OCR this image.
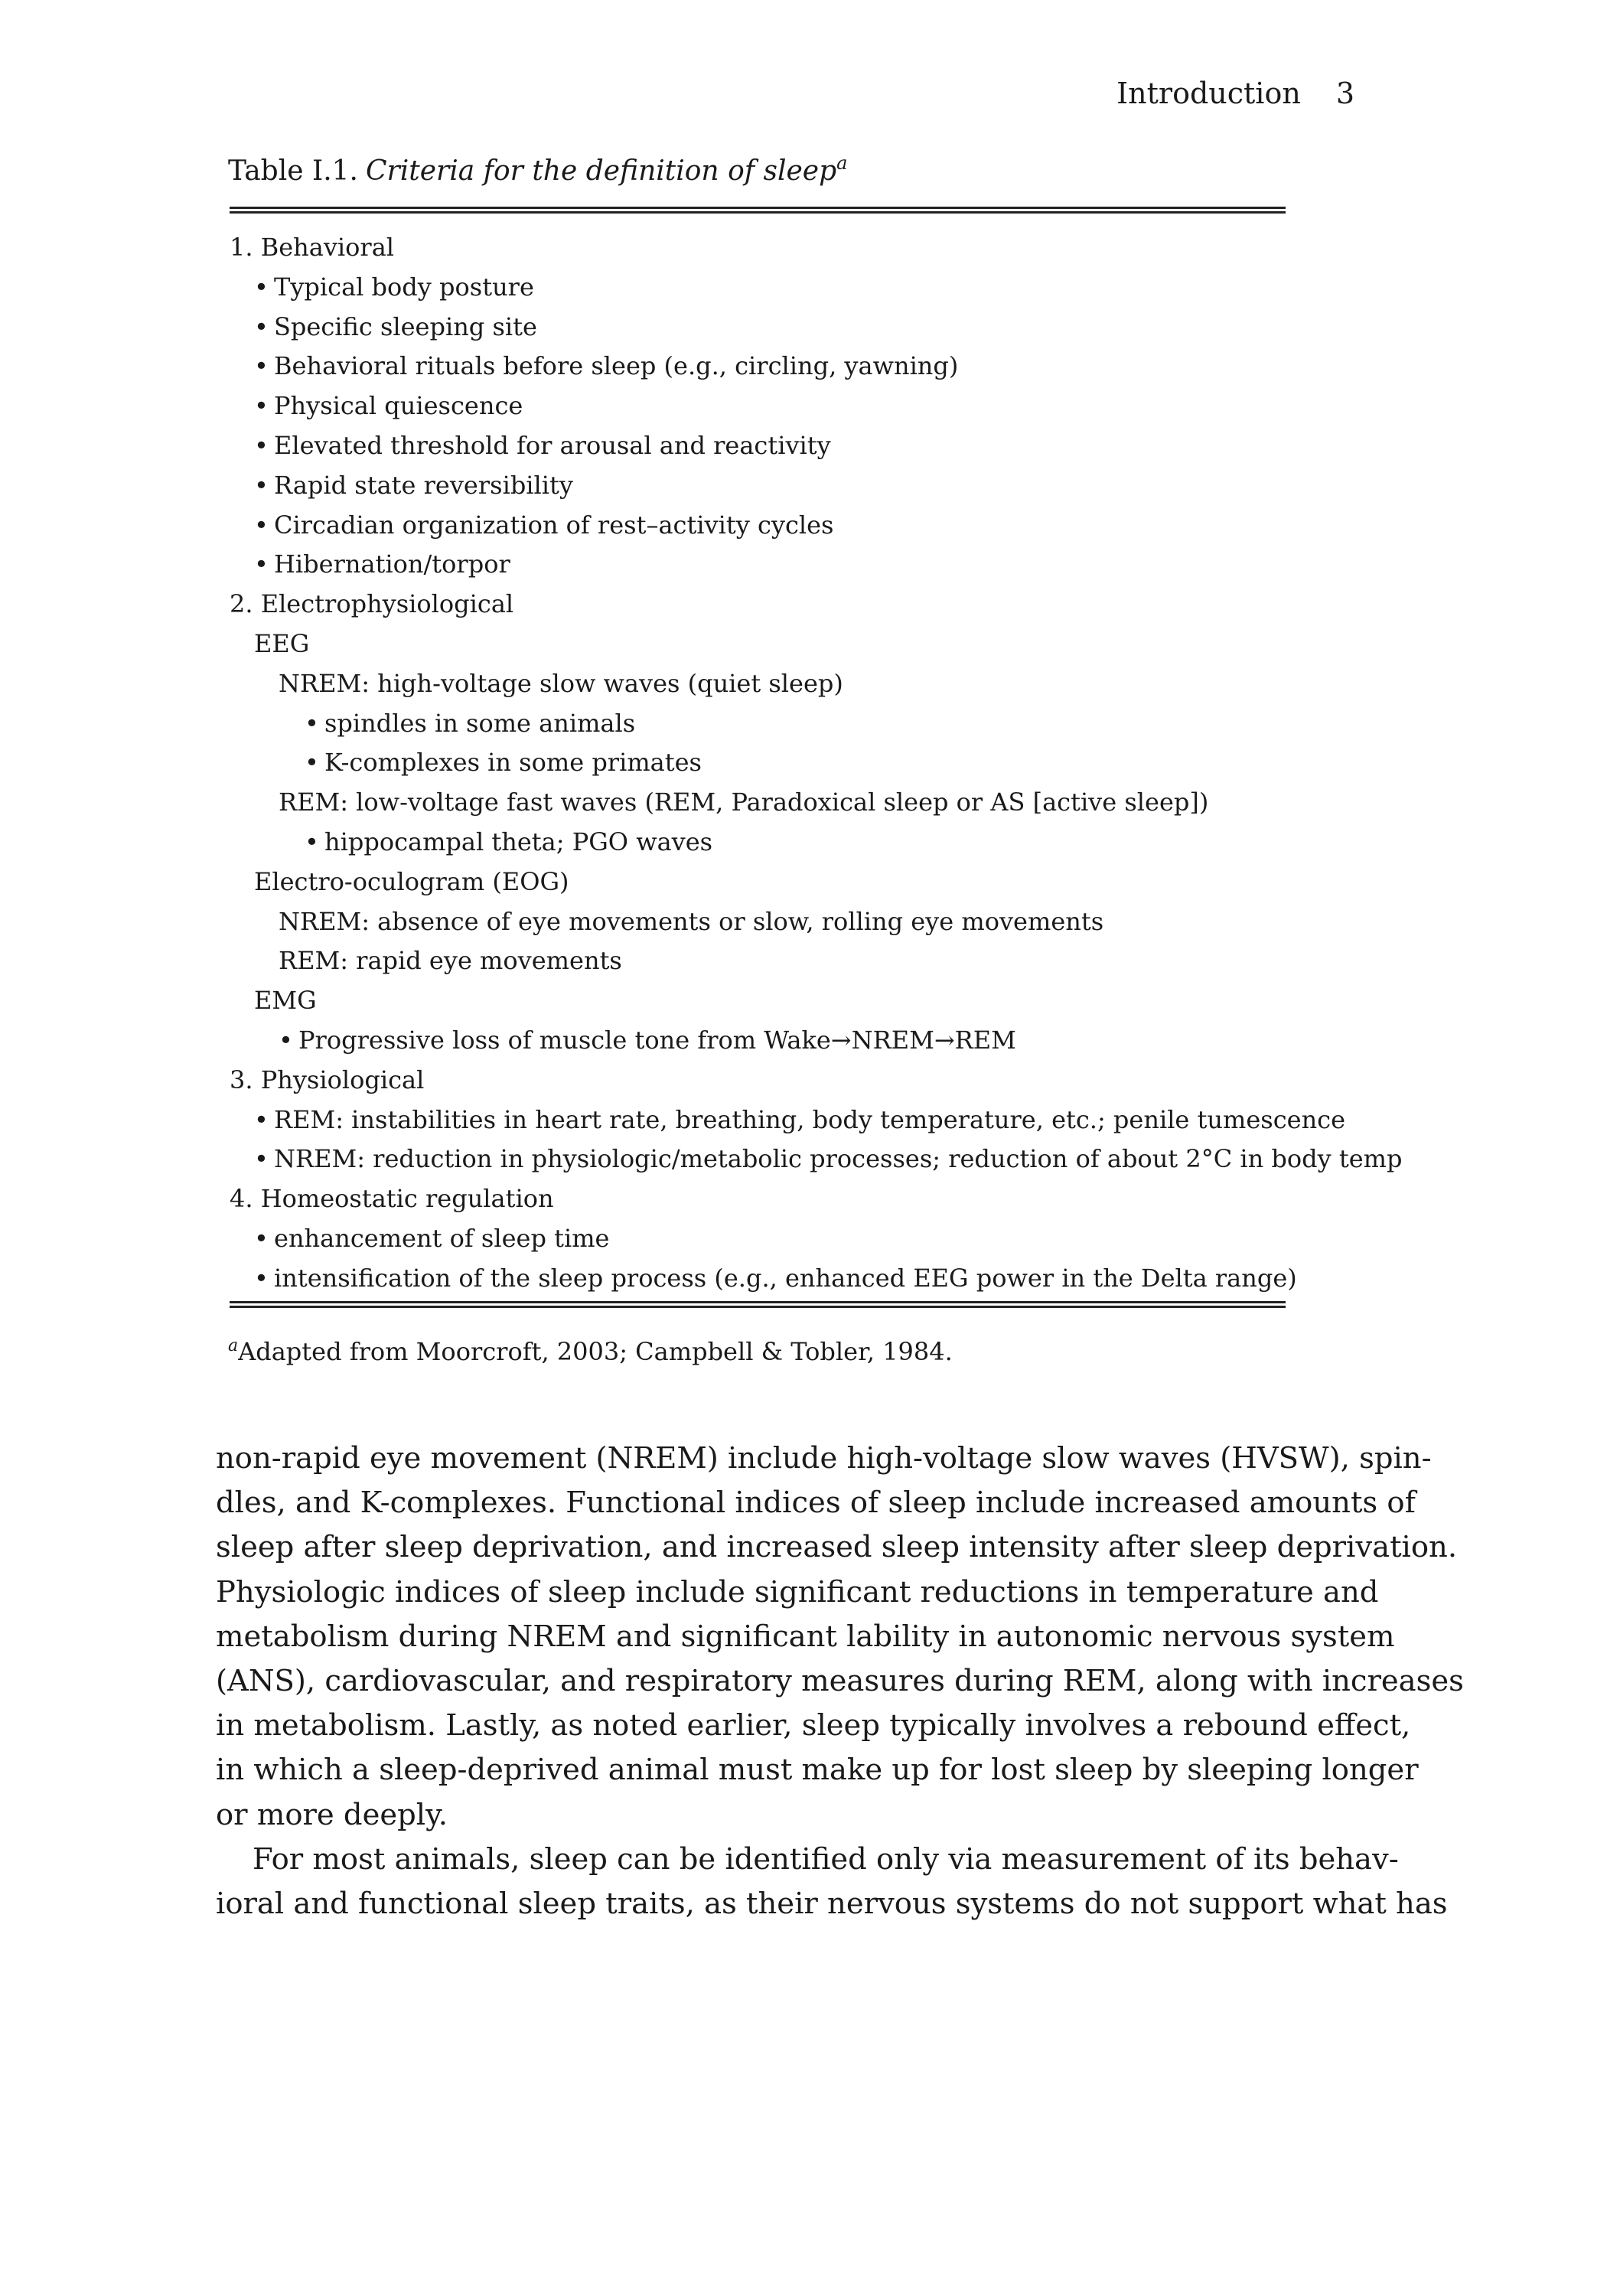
Introduction 3
Table I.1. Criteria for the definition of sleep$^a$
1. Behavioral
• Typical body posture
• Specific sleeping site
• Behavioral rituals before sleep (e.g., circling, yawning)
• Physical quiescence
• Elevated threshold for arousal and reactivity
• Rapid state reversibility
• Circadian organization of rest–activity cycles
• Hibernation/torpor
2. Electrophysiological
EEG
NREM: high-voltage slow waves (quiet sleep)
• spindles in some animals
• K-complexes in some primates
REM: low-voltage fast waves (REM, Paradoxical sleep or AS [active sleep])
• hippocampal theta; PGO waves
Electro-oculogram (EOG)
NREM: absence of eye movements or slow, rolling eye movements
REM: rapid eye movements
EMG
• Progressive loss of muscle tone from Wake→NREM→REM
3. Physiological
• REM: instabilities in heart rate, breathing, body temperature, etc.; penile tumescence
• NREM: reduction in physiologic/metabolic processes; reduction of about 2°C in body temp
4. Homeostatic regulation
• enhancement of sleep time
• intensification of the sleep process (e.g., enhanced EEG power in the Delta range)
$^a$Adapted from Moorcroft, 2003; Campbell & Tobler, 1984.
non-rapid eye movement (NREM) include high-voltage slow waves (HVSW), spin-
dles, and K-complexes. Functional indices of sleep include increased amounts of
sleep after sleep deprivation, and increased sleep intensity after sleep deprivation.
Physiologic indices of sleep include significant reductions in temperature and
metabolism during NREM and significant lability in autonomic nervous system
(ANS), cardiovascular, and respiratory measures during REM, along with increases
in metabolism. Lastly, as noted earlier, sleep typically involves a rebound effect,
in which a sleep-deprived animal must make up for lost sleep by sleeping longer
or more deeply.
For most animals, sleep can be identified only via measurement of its behav-
ioral and functional sleep traits, as their nervous systems do not support what has
